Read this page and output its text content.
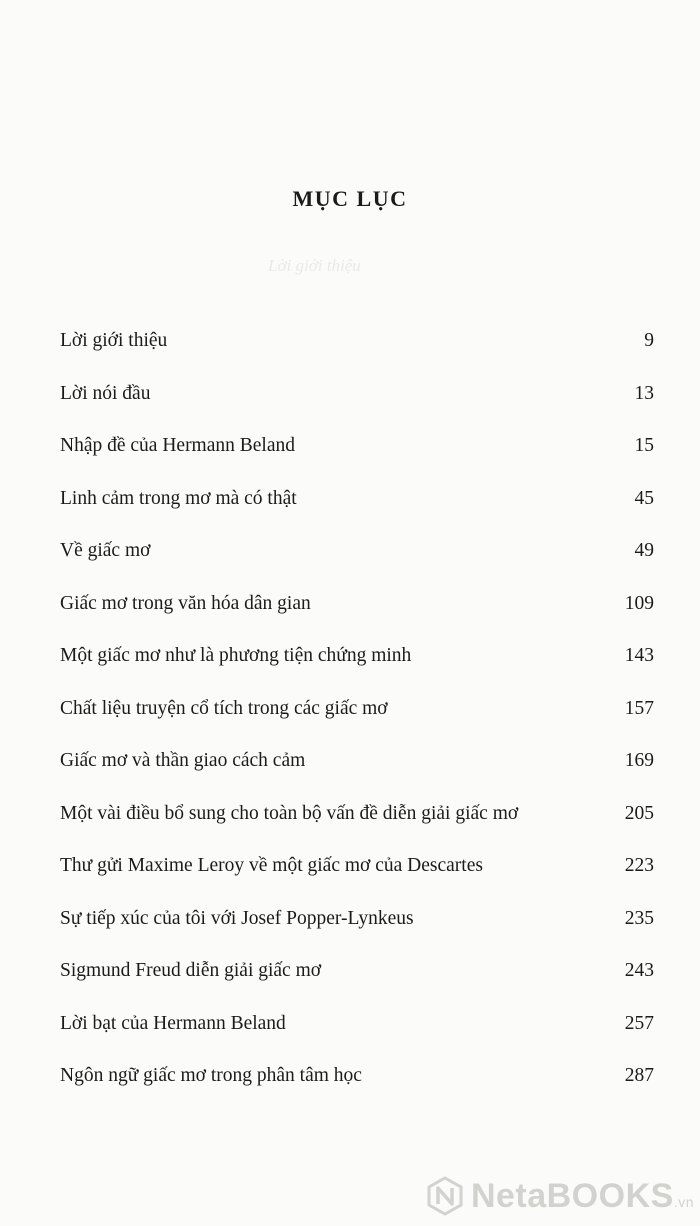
Lời giới thiệu
MỤC LỤC
Lời giới thiệu	9
Lời nói đầu	13
Nhập đề của Hermann Beland	15
Linh cảm trong mơ mà có thật	45
Về giấc mơ	49
Giấc mơ trong văn hóa dân gian	109
Một giấc mơ như là phương tiện chứng minh	143
Chất liệu truyện cổ tích trong các giấc mơ	157
Giấc mơ và thần giao cách cảm	169
Một vài điều bổ sung cho toàn bộ vấn đề diễn giải giấc mơ	205
Thư gửi Maxime Leroy về một giấc mơ của Descartes	223
Sự tiếp xúc của tôi với Josef Popper-Lynkeus	235
Sigmund Freud diễn giải giấc mơ	243
Lời bạt của Hermann Beland	257
Ngôn ngữ giấc mơ trong phân tâm học	287
NetaBOOKS.vn
